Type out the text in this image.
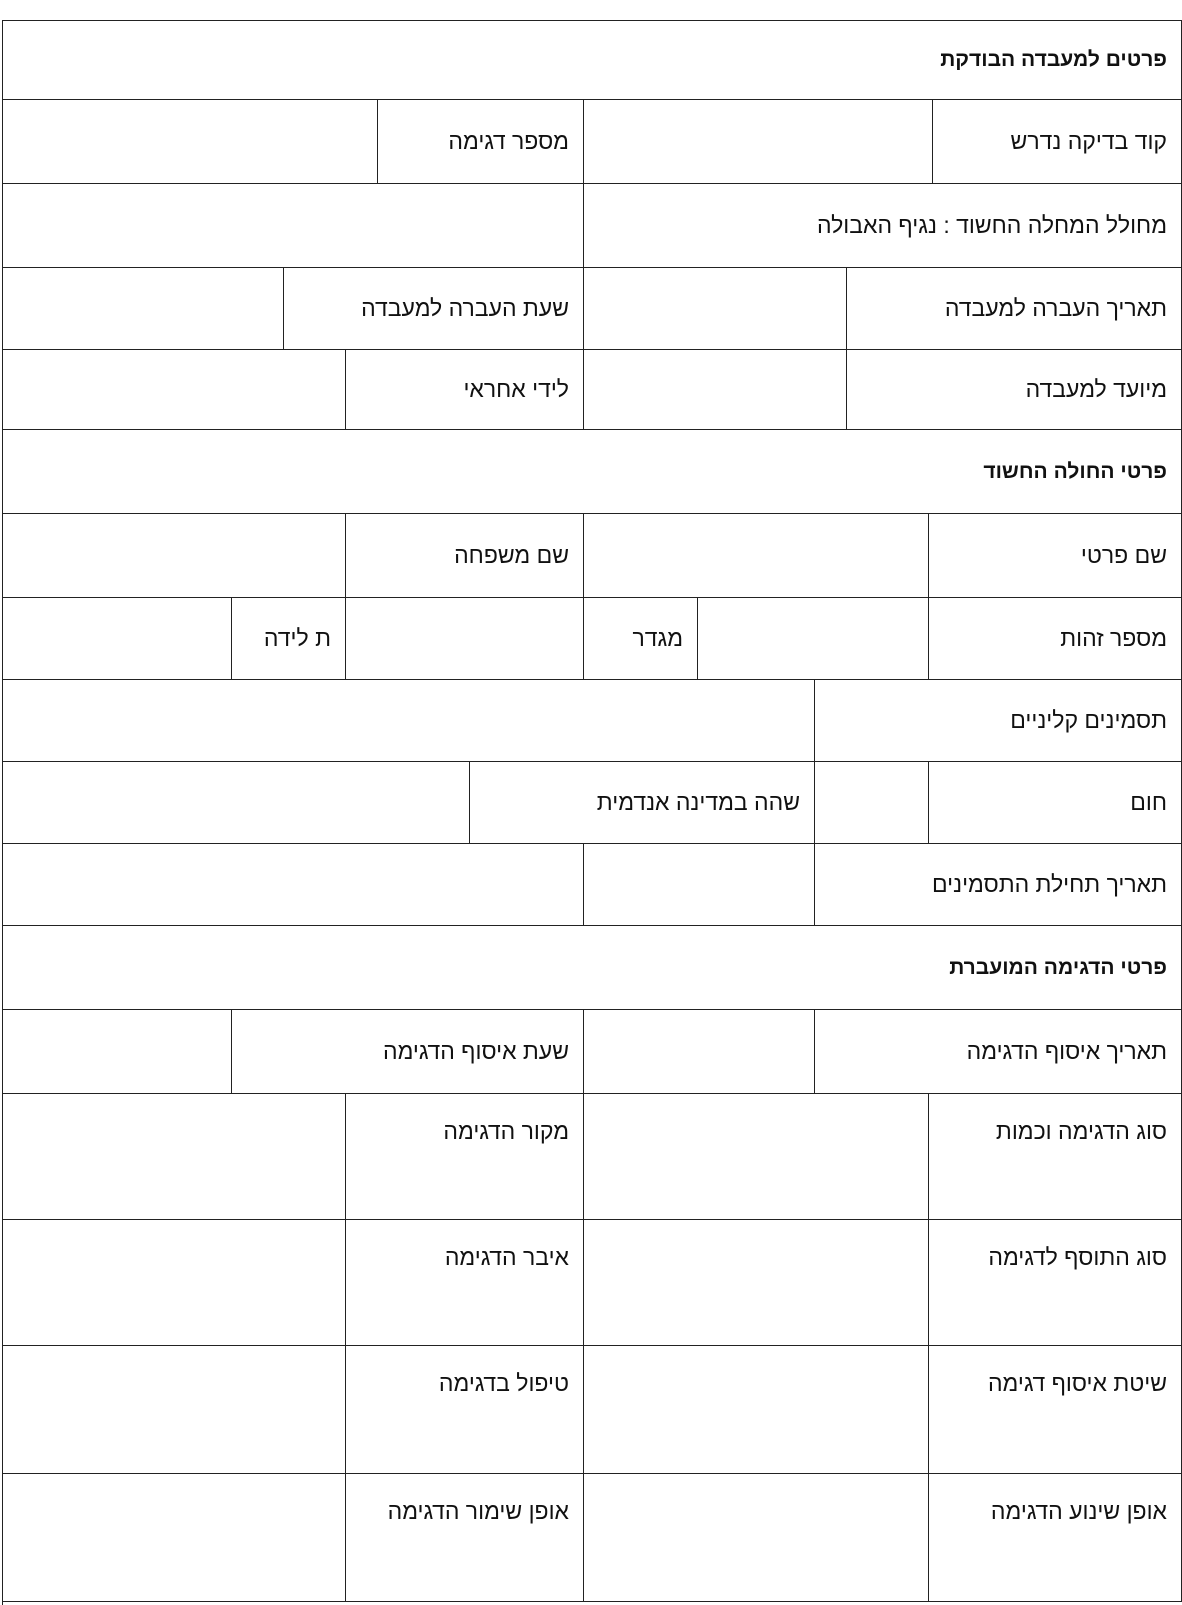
פרטים למעבדה הבודקת
קוד בדיקה נדרש
מספר דגימה
מחולל המחלה החשוד : נגיף האבולה
תאריך העברה למעבדה
שעת העברה למעבדה
מיועד למעבדה
לידי אחראי
פרטי החולה החשוד
שם פרטי
שם משפחה
מספר זהות
מגדר
ת לידה
תסמינים קליניים
חום
שהה במדינה אנדמית
תאריך תחילת התסמינים
פרטי הדגימה המועברת
תאריך איסוף הדגימה
שעת איסוף הדגימה
סוג הדגימה וכמות
מקור הדגימה
סוג התוסף לדגימה
איבר הדגימה
שיטת איסוף דגימה
טיפול בדגימה
אופן שינוע הדגימה
אופן שימור הדגימה
